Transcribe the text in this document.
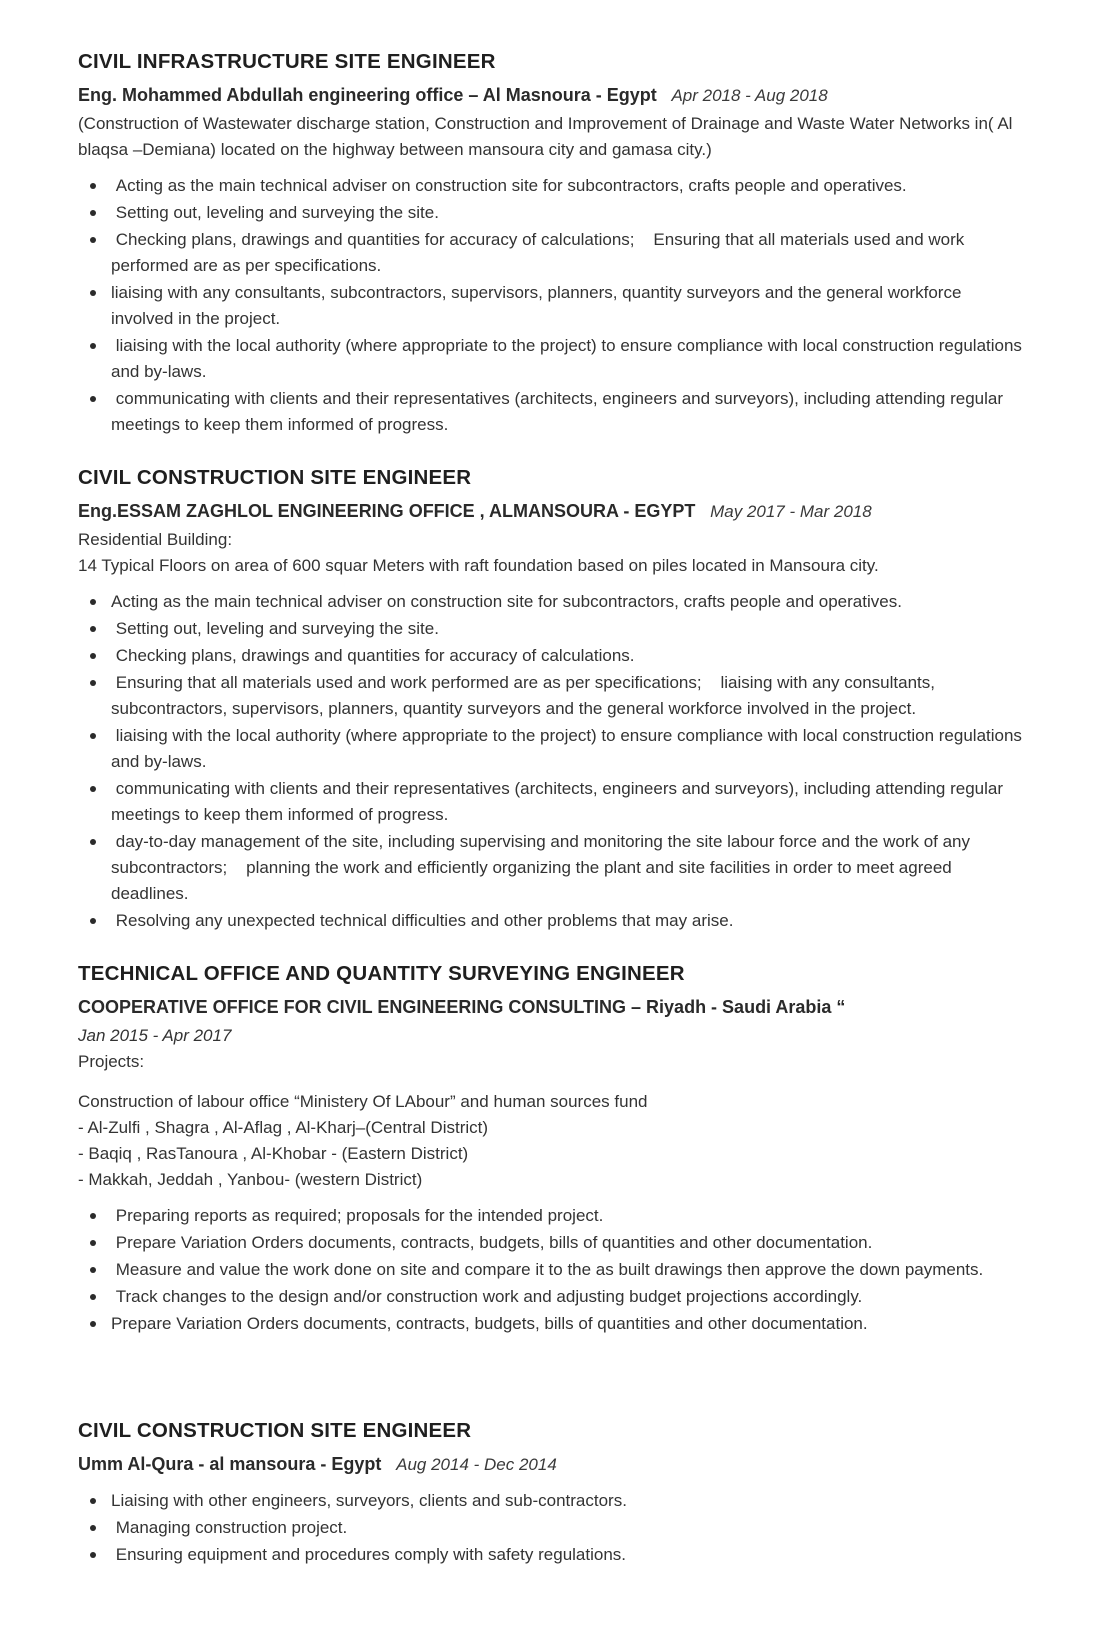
CIVIL INFRASTRUCTURE SITE ENGINEER
Eng. Mohammed Abdullah engineering office – Al Masnoura - Egypt Apr 2018 - Aug 2018

(Construction of Wastewater discharge station, Construction and Improvement of Drainage and Waste Water Networks in( Al blaqsa –Demiana) located on the highway between mansoura city and gamasa city.)

Acting as the main technical adviser on construction site for subcontractors, crafts people and operatives.
Setting out, leveling and surveying the site.
Checking plans, drawings and quantities for accuracy of calculations;    Ensuring that all materials used and work performed are as per specifications.
liaising with any consultants, subcontractors, supervisors, planners, quantity surveyors and the general workforce involved in the project.
liaising with the local authority (where appropriate to the project) to ensure compliance with local construction regulations and by-laws.
communicating with clients and their representatives (architects, engineers and surveyors), including attending regular meetings to keep them informed of progress.
CIVIL CONSTRUCTION SITE ENGINEER
Eng.ESSAM ZAGHLOL ENGINEERING OFFICE , ALMANSOURA - EGYPT May 2017 - Mar 2018

Residential Building:

14 Typical Floors on area of 600 squar Meters with raft foundation based on piles located in Mansoura city.

Acting as the main technical adviser on construction site for subcontractors, crafts people and operatives.
Setting out, leveling and surveying the site.
Checking plans, drawings and quantities for accuracy of calculations.
Ensuring that all materials used and work performed are as per specifications;    liaising with any consultants, subcontractors, supervisors, planners, quantity surveyors and the general workforce involved in the project.
liaising with the local authority (where appropriate to the project) to ensure compliance with local construction regulations and by-laws.
communicating with clients and their representatives (architects, engineers and surveyors), including attending regular meetings to keep them informed of progress.
day-to-day management of the site, including supervising and monitoring the site labour force and the work of any subcontractors;    planning the work and efficiently organizing the plant and site facilities in order to meet agreed deadlines.
Resolving any unexpected technical difficulties and other problems that may arise.
TECHNICAL OFFICE AND QUANTITY SURVEYING ENGINEER
COOPERATIVE OFFICE FOR CIVIL ENGINEERING CONSULTING – Riyadh - Saudi Arabia “

Jan 2015 - Apr 2017

Projects:

Construction of labour office “Ministery Of LAbour” and human sources fund

- Al-Zulfi , Shagra , Al-Aflag , Al-Kharj–(Central District)

- Baqiq , RasTanoura , Al-Khobar - (Eastern District)

- Makkah, Jeddah , Yanbou- (western District)

Preparing reports as required; proposals for the intended project.
Prepare Variation Orders documents, contracts, budgets, bills of quantities and other documentation.
Measure and value the work done on site and compare it to the as built drawings then approve the down payments.
Track changes to the design and/or construction work and adjusting budget projections accordingly.
Prepare Variation Orders documents, contracts, budgets, bills of quantities and other documentation.
CIVIL CONSTRUCTION SITE ENGINEER
Umm Al-Qura - al mansoura - Egypt Aug 2014 - Dec 2014
Liaising with other engineers, surveyors, clients and sub-contractors.
Managing construction project.
Ensuring equipment and procedures comply with safety regulations.
